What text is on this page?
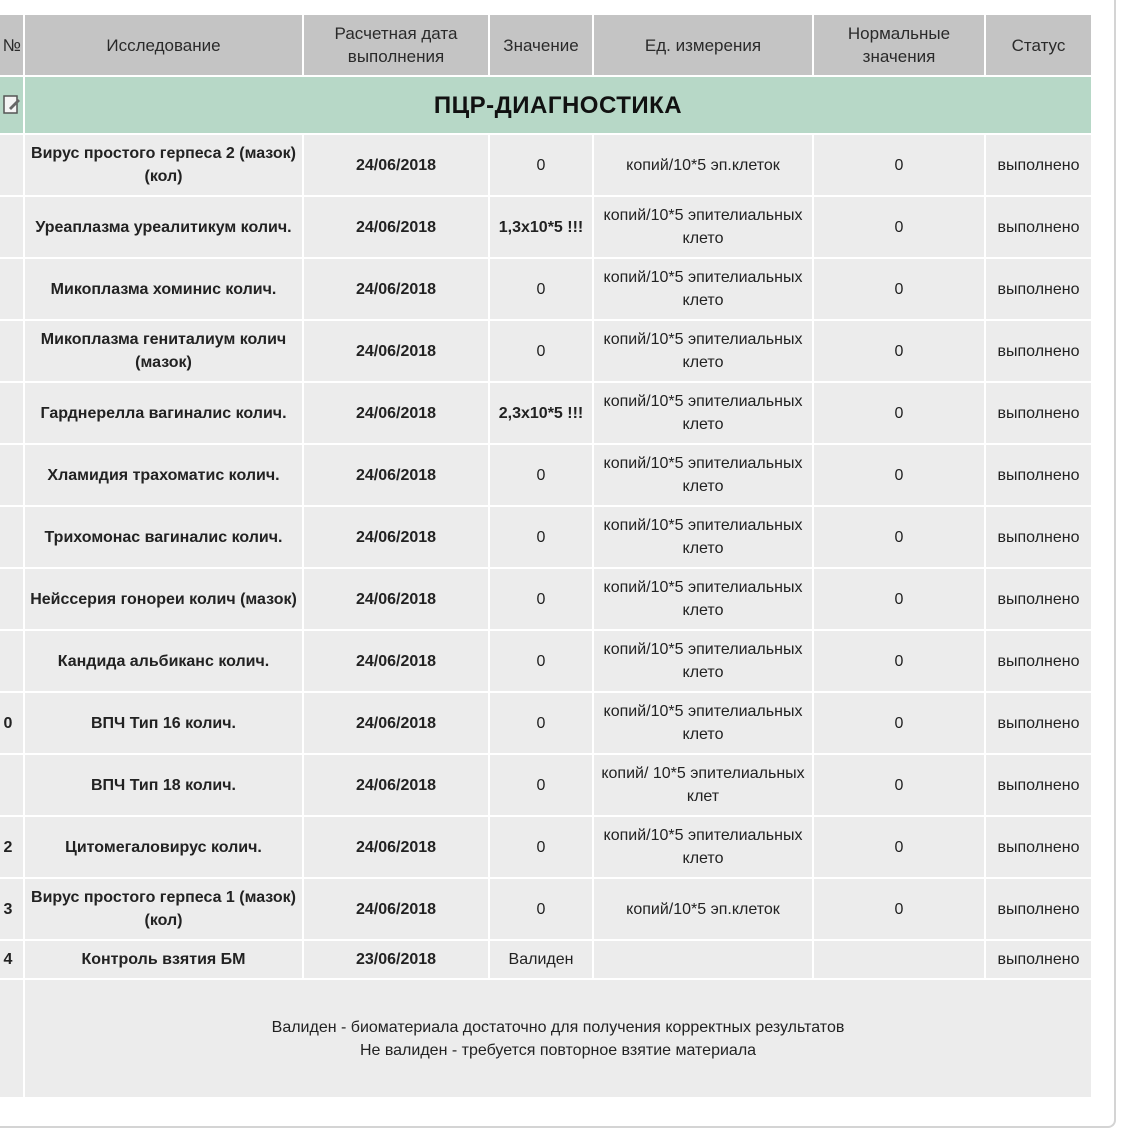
№	Исследование	Расчетная дата выполнения	Значение	Ед. измерения	Нормальные значения	Статус
	ПЦР-ДИАГНОСТИКА					
	Вирус простого герпеса 2 (мазок)(кол)	24/06/2018	0	копий/10*5 эп.клеток	0	выполнено
	Уреаплазма уреалитикум колич.	24/06/2018	1,3x10*5 !!!	копий/10*5 эпителиальных клето	0	выполнено
	Микоплазма хоминис колич.	24/06/2018	0	копий/10*5 эпителиальных клето	0	выполнено
	Микоплазма гениталиум колич (мазок)	24/06/2018	0	копий/10*5 эпителиальных клето	0	выполнено
	Гарднерелла вагиналис колич.	24/06/2018	2,3x10*5 !!!	копий/10*5 эпителиальных клето	0	выполнено
	Хламидия трахоматис колич.	24/06/2018	0	копий/10*5 эпителиальных клето	0	выполнено
	Трихомонас вагиналис колич.	24/06/2018	0	копий/10*5 эпителиальных клето	0	выполнено
	Нейссерия гонореи колич (мазок)	24/06/2018	0	копий/10*5 эпителиальных клето	0	выполнено
	Кандида альбиканс колич.	24/06/2018	0	копий/10*5 эпителиальных клето	0	выполнено
0	ВПЧ Тип 16 колич.	24/06/2018	0	копий/10*5 эпителиальных клето	0	выполнено
	ВПЧ Тип 18 колич.	24/06/2018	0	копий/ 10*5 эпителиальных клет	0	выполнено
2	Цитомегаловирус колич.	24/06/2018	0	копий/10*5 эпителиальных клето	0	выполнено
3	Вирус простого герпеса 1 (мазок)(кол)	24/06/2018	0	копий/10*5 эп.клеток	0	выполнено
4	Контроль взятия БМ	23/06/2018	Валиден			выполнено

	Валиден - биоматериала достаточно для получения корректных результатов
Не валиден - требуется повторное взятие материала					
